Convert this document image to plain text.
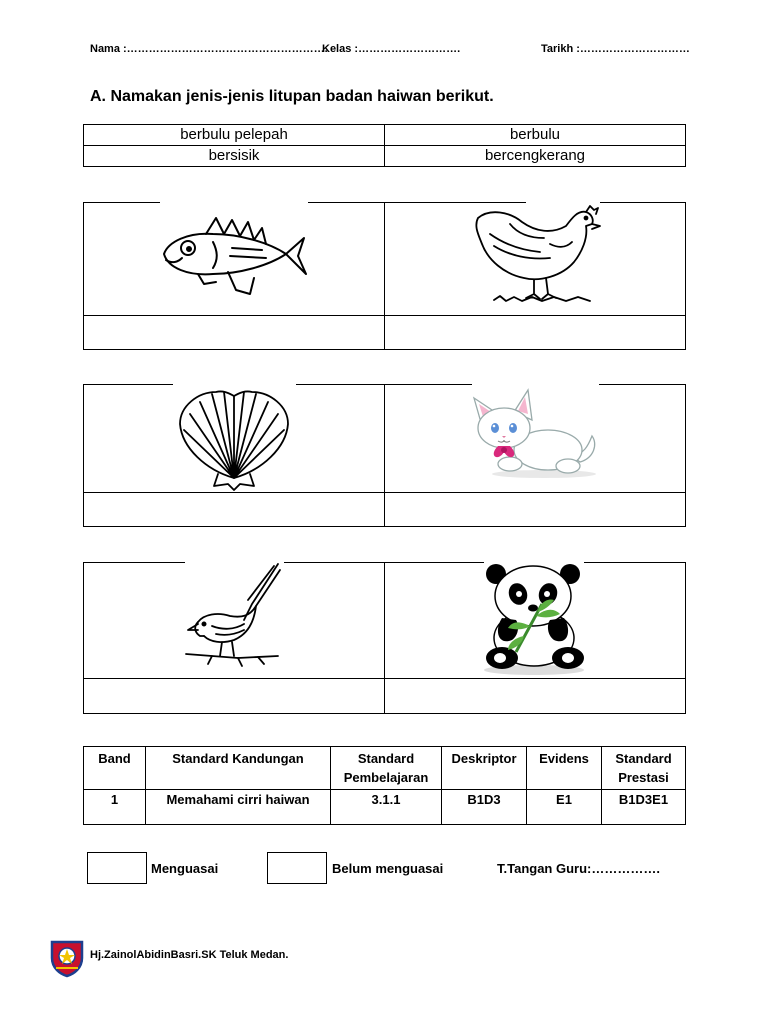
Nama :……………………………………………….
Kelas :……………………….	Tarikh :…………………………
A. Namakan jenis-jenis litupan badan haiwan berikut.
berbulu pelepah	berbulu
bersisik	bercengkerang
Band	Standard Kandungan	Standard Pembelajaran	Deskriptor	Evidens	Standard Prestasi
1	Memahami cirri haiwan	3.1.1	B1D3	E1	B1D3E1
Menguasai	Belum menguasai	T.Tangan Guru:…………….
Hj.ZainolAbidinBasri.SK Teluk Medan.
